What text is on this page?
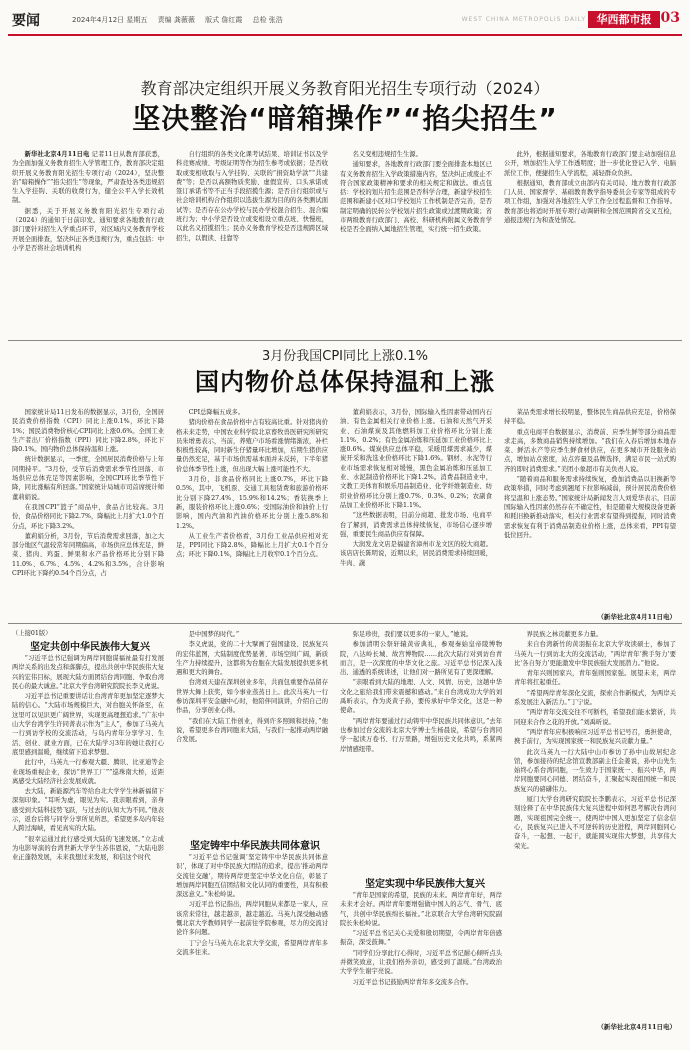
要闻	2024年4月12日 星期五 责编 龚薇薇 版式 詹红霞 总检 张浩	WEST CHINA METROPOLIS DAILY 华西都市报 03
教育部决定组织开展义务教育阳光招生专项行动（2024）
坚决整治“暗箱操作”“掐尖招生”

新华社北京4月11日电 记者11日从教育部获悉，为全面加强义务教育招生入学管理工作，教育部决定组织开展义务教育阳光招生专项行动（2024），坚决整治“暗箱操作”“掐尖招生”等现象，严肃查处各类违规招生入学挂钩、关联的收费行为，健全公平入学长效机制。

据悉，关于开展义务教育阳光招生专项行动（2024）的通知于日前印发。通知要求各地教育行政部门要针对招生入学重点环节，对区域内义务教育学校开展全面排查，坚决纠正各类违规行为，重点包括：中小学是否将社会培训机构

自行组织的各类文化课考试结果、培训证书以及学科竞赛成绩、考级证明等作为招生参考或依据；是否收取或变相收取与入学挂钩、关联的“捐资助学款”“共建费”等；是否以高额物质奖励、虚假宣传、口头承诺或签订承诺书等不正当手段招揽生源；是否自行组织或与社会培训机构合作组织以选拔生源为目的的各类测试面试等；是否存在公办学校与民办学校混合招生、混合编班行为；中小学是否设立或变相设立重点班、快慢班，以此名义招揽招生；民办义务教育学校是否违规跨区域招生，以假读、挂靠等

名义变相违规招生生源。

通知要求，各地教育行政部门要全面排查本地区已有义务教育招生入学政策措施内容，坚决纠正或废止不符合国家政策精神和要求的相关规定和做法。重点包括：学校的划片招生范围是否科学合理，新建学校招生范围和新建小区对口学校划片工作机制是否完善，是否制定明确的民转公学校划片招生政策或过渡期政策；省市两级教育行政部门、高校、科研机构附属义务教育学校是否全面纳入属地招生管理，实行统一招生政策。

此外，根据通知要求，各地教育行政部门要主动加强信息公开，增加招生入学工作透明度；进一步优化登记入学、电脑派位工作，便捷招生入学流程，减轻群众负担。

根据通知，教育部成立由部内有关司局、地方教育行政部门人员、国家督学、基础教育教学指导委员会专家等组成的专项工作组，加强对各地招生入学工作全过程监督和工作指导。教育部也将适时开展专项行动调研和全国范围跨省交叉互检，通报违规行为和查处情况。

3月份我国CPI同比上涨0.1%
国内物价总体保持温和上涨

国家统计局11日发布的数据显示，3月份，全国居民消费价格指数（CPI）同比上涨0.1%，环比下降1%；国民消费物价核心CPI同比上涨0.6%。全国工业生产者出厂价格指数（PPI）同比下降2.8%，环比下降0.1%。国内物价总体保持温和上涨。

统计数据显示，一季度，全国居民消费价格与上年同期持平。“3月份，受节后消费需求季节性回落、市场供应总体充足等因素影响，全国CPI环比季节性下降，同比涨幅有所回落。”国家统计局城市司首席统计师董莉娟说。

在我国CPI“篮子”商品中，食品占比较高。3月份，食品价格同比下降2.7%，降幅比上月扩大1.0个百分点，环比下降3.2%。

董莉娟分析，3月份，节后消费需求回落，加之大部分地区气温较常年同期偏高，市场供应总体充足，鲜菜、猪肉、鸡蛋、鲜果和水产品价格环比分别下降11.0%、6.7%、4.5%、4.2%和3.5%，合计影响CPI环比下降约0.54个百分点，占

CPI总降幅五成多。

猪肉价格在食品价格中占有较高比重。针对猪肉价格未来走势，中国农业科学院北京畜牧兽医研究所研究员朱增勇表示，当前，养殖户市场看涨情绪渐浓，补栏积极性较高，同时新生仔猪量环比增加，后期生猪供应量仍然充足，基于市场供需基本面并未反转，下半年猪价总体季节性上涨，但出现大幅上涨可能性不大。

3月份，非食品价格同比上涨0.7%，环比下降0.5%，其中，飞机票、交通工具租赁费和旅游价格环比分别下降27.4%、15.9%和14.2%；香装换季上新，服装价格环比上涨0.6%；受国际油价和油价上行影响，国内汽油和汽油价格环比分别上涨5.8%和1.2%。

从工业生产者价格看，3月份工业品供应相对充足，PPI同比下降2.8%，降幅比上月扩大0.1个百分点；环比下降0.1%，降幅比上月收窄0.1个百分点。

董莉娟表示，3月份，国际输入性因素带动国内石油、有色金属相关行业价格上涨。石油和天然气开采业、石油煤炭及其他燃料加工业价格环比分别上涨1.1%、0.2%；有色金属冶炼和压延加工业价格环比上涨0.6%。煤炭供应总体平稳，采暖用煤需求减少，煤炭开采和洗选业价格环比下降1.6%。钢材、水泥等行业市场需求恢复相对缓慢，黑色金属冶炼和压延加工业、水泥制造价格环比下降1.2%。消费品制造业中，文教工美体育和娱乐用品制造业、化学纤维制造业、纺织业价格环比分别上涨0.7%、0.3%、0.2%；农副食品加工业价格环比下降1.1%。

“这些数据表明，目前分商超、批发市场、电商平台了解到，消费需求总体持续恢复，市场信心逐步增强，重要民生商品供应有保障。

大润发龙文店是福建省漳州市龙文区的较大商超。该店店长陈明说，近期以来，居民消费需求持续回暖，牛肉、蔬

菜品类需求增长较明显，整体民生商品供应充足，价格保持平稳。

重点电商平台数据显示，消费前、应季生鲜等部分商品需求走高，多数商品销售持续增加。“我们在入春后增加本地春菜、鲜活水产等应季生鲜食材供应，在更多城市开设服务站点，增加站点密度，站点容量及品牌选择，满足市民一站式购齐的即时消费需求。”美团小象超市有关负责人说。

“随着商品和服务需求持续恢复，叠加消费品以旧换新等政策举措，同时考虑到翘尾下拉影响减弱，预计居民消费价格将呈温和上涨态势。”国家统计局新闻发言人刘爱华表示，目前国际输入性因素仍然存在不确定性，但是随着大规模设备更新和耗旧换新推动落实，相关行业需求有望得到提振，同时消费需求恢复有利于消费品制造业价格上涨，总体来看，PPI有望低位回升。

（新华社北京4月11日电）
（上接01版）
坚定共创中华民族伟大复兴
坚定铸牢中华民族共同体意识
坚定实现中华民族伟大复兴

“习近平总书记强调为两岸同胞谋福祉最有打发展两岸关系的出发点和落脚点，提出共创中华民族伟大复兴的宏伟目标，展现大陆方面团结台湾同胞、争取台湾民心的最大诚意。”北京大学台湾研究院院长李义虎说。

习近平总书记重要讲话让台湾青年更加坚定逐梦大陆的信心。“大陆市场规模巨大，对台胞关怀备至，在这里可以见识更广阔世界，实现更高理想追求。”广东中山大学台湾学生许同菁表示作为“主人”，参加了马英九一行到访学校的交流活动，与岛内青年分享学习、生活、创业、就业方面，已在大陆学习3年的她让我打心底里感到温暖，继续留下追求梦想。

此行中，马英九一行参观大疆、腾讯、比亚迪等企业现场重视企业，探访“世界工厂””巡珠南大桥，近距离感受大陆经济社会发展成就。

去大陆，新能源汽车等给台北大学学生林新福留下深刻印象。“耳听为虚，眼见为实。我亲眼看到，亲身感受到大陆科技势飞跃，与过去的认知大为不同。”他表示，返台后将与同学分享所见所思，希望更多岛内年轻人跨过海峡，看见真实的大陆。

“很幸运通过此行感受到大陆的飞速发展。”立志成为电影导演的台湾世新大学学生苏伟恩说，“大陆电影业正蓬勃发展，未来我想过来发展，和信这个时代

是中国梦的时代。”

李义虎说，党的二十大擘画了强国建设、民族复兴的宏伟蓝图，大陆制度优势显著、市场空间广阔，新质生产力持续提升，这都将为台胞在大陆发展提供更多机遇和更大的舞台。

台湾刘天建在深圳创业多年，共面包重要作品留存世界大舞上获奖，如今事业蒸蒸日上。此次马英九一行参访深圳平安金融中心时，他陪伴同演讲，介绍自己的作品，分享创业心得。

“我们在大陆工作创业，得到许多照顾和扶持，”他说，希望更多台湾同胞来大陆，与我们一起推动两岸融合发展。

“习近平总书记强调‘坚定铸牢中华民族共同体意识’，体现了对中华民族大团结的追求，提出‘推动两岸交流往交融’，期待两岸更坚定中华文化自信，彰显了增加两岸同胞互信团结和文化认同的重要性，具有积极深远意义。”朱松岭说。

习近平总书记指出，两岸同胞从来都是一家人，应该常来常往，越走越亲，越走越近。马英九深受触动感慨北京大学教师同学一起前往学院参观，尽力的交流讨论许多问题。

丁宁会与马英九在北京大学交流，希望两岸青年多交流多往来。

弥足珍贵，我们要以更多的一家人，”她说。

参加清明公祭轩辕黄帝典礼，参观秦始皇帝陵博物院，八达岭长城、故宫博物院……此次大陆行对到访台青而言，是一次深度的中华文化之旅。习近平总书记深入浅出、通透的系统讲述，让他们对一路所见有了更深理解。

“亲眼看到大陆的地理、人文、风情、历史，这趟中华文化之旅给我们带来震撼和感动。”来自台湾成功大学的刘禹昕表示，作为炎黄子孙，要传承好中华文化，这是一种使命。

“两岸青年要通过行动铸牢中华民族共同体意识。”去年也参加过台交流的北京大学博士生杨晨说，希望与台湾同学一起读万卷书、行万里路，增强历史文化共鸣，系紧两岸情感纽带。

“青年是国家的希望，民族的未来。两岸青年好，两岸未来才会好。两岸青年要增强做中国人的志气、骨气、底气，共创中华民族绵长福祉。”北京联合大学台湾研究院副院长朱松岭说。

“习近平总书记关心关爱和殷切期望，令两岸青年倍感振奋，深受鼓舞。”

“同学们分享此行心得时，习近平总书记耐心倾听点头并微笑致意，让我们格外亲切，感受到了温暖。”台湾政治大学学生谢宇亮说。

习近平总书记鼓励两岸青年多交流多合作。

界民族之林贡献更多力量。

来自台湾新竹的黄羽振在北京大学攻读硕士，参加了马英九一行到访北大的交流活动，“两岸青年‘携手努力’要比‘各自努力’更能激发中华民族强大发展潜力。”他说。

青年兴则国家兴，青年强则国家强。展望未来，两岸青年将扛起重任。

“希望两岸青年深化交流，探索合作新模式，为两岸关系发展注入新活力。”丁宁说。

“两岸青年交流交往不可断档，希望我们能永繁祈，共同迎来合作之花的开放。”刘禹昕说。

“两岸青年应积极响应习近平总书记号召，勇担使命，携手前行，为实现国家统一和民族复兴贡献力量。”

此次马英九一行大陆中山市参访了孙中山故居纪念馆，参加接待的纪念馆宣教部副主任金姜说，孙中山先生始终心系台湾同胞，一生致力于国家统一、振兴中华，两岸同胞要同心同德、团结奋斗，汇聚起实现祖国统一和民族复兴的磅礴伟力。

厦门大学台湾研究院院长李鹏表示，习近平总书记深刻诠释了在中华民族伟大复兴进程中如何思考解决台湾问题，实现祖国完全统一，使两岸中国人更加坚定了信念信心，民族复兴已进入不可逆转的历史进程，两岸同胞同心奋斗，一起想、一起干，就能圆实现伟大梦想，共享伟大荣光。

（新华社北京4月11日电）
